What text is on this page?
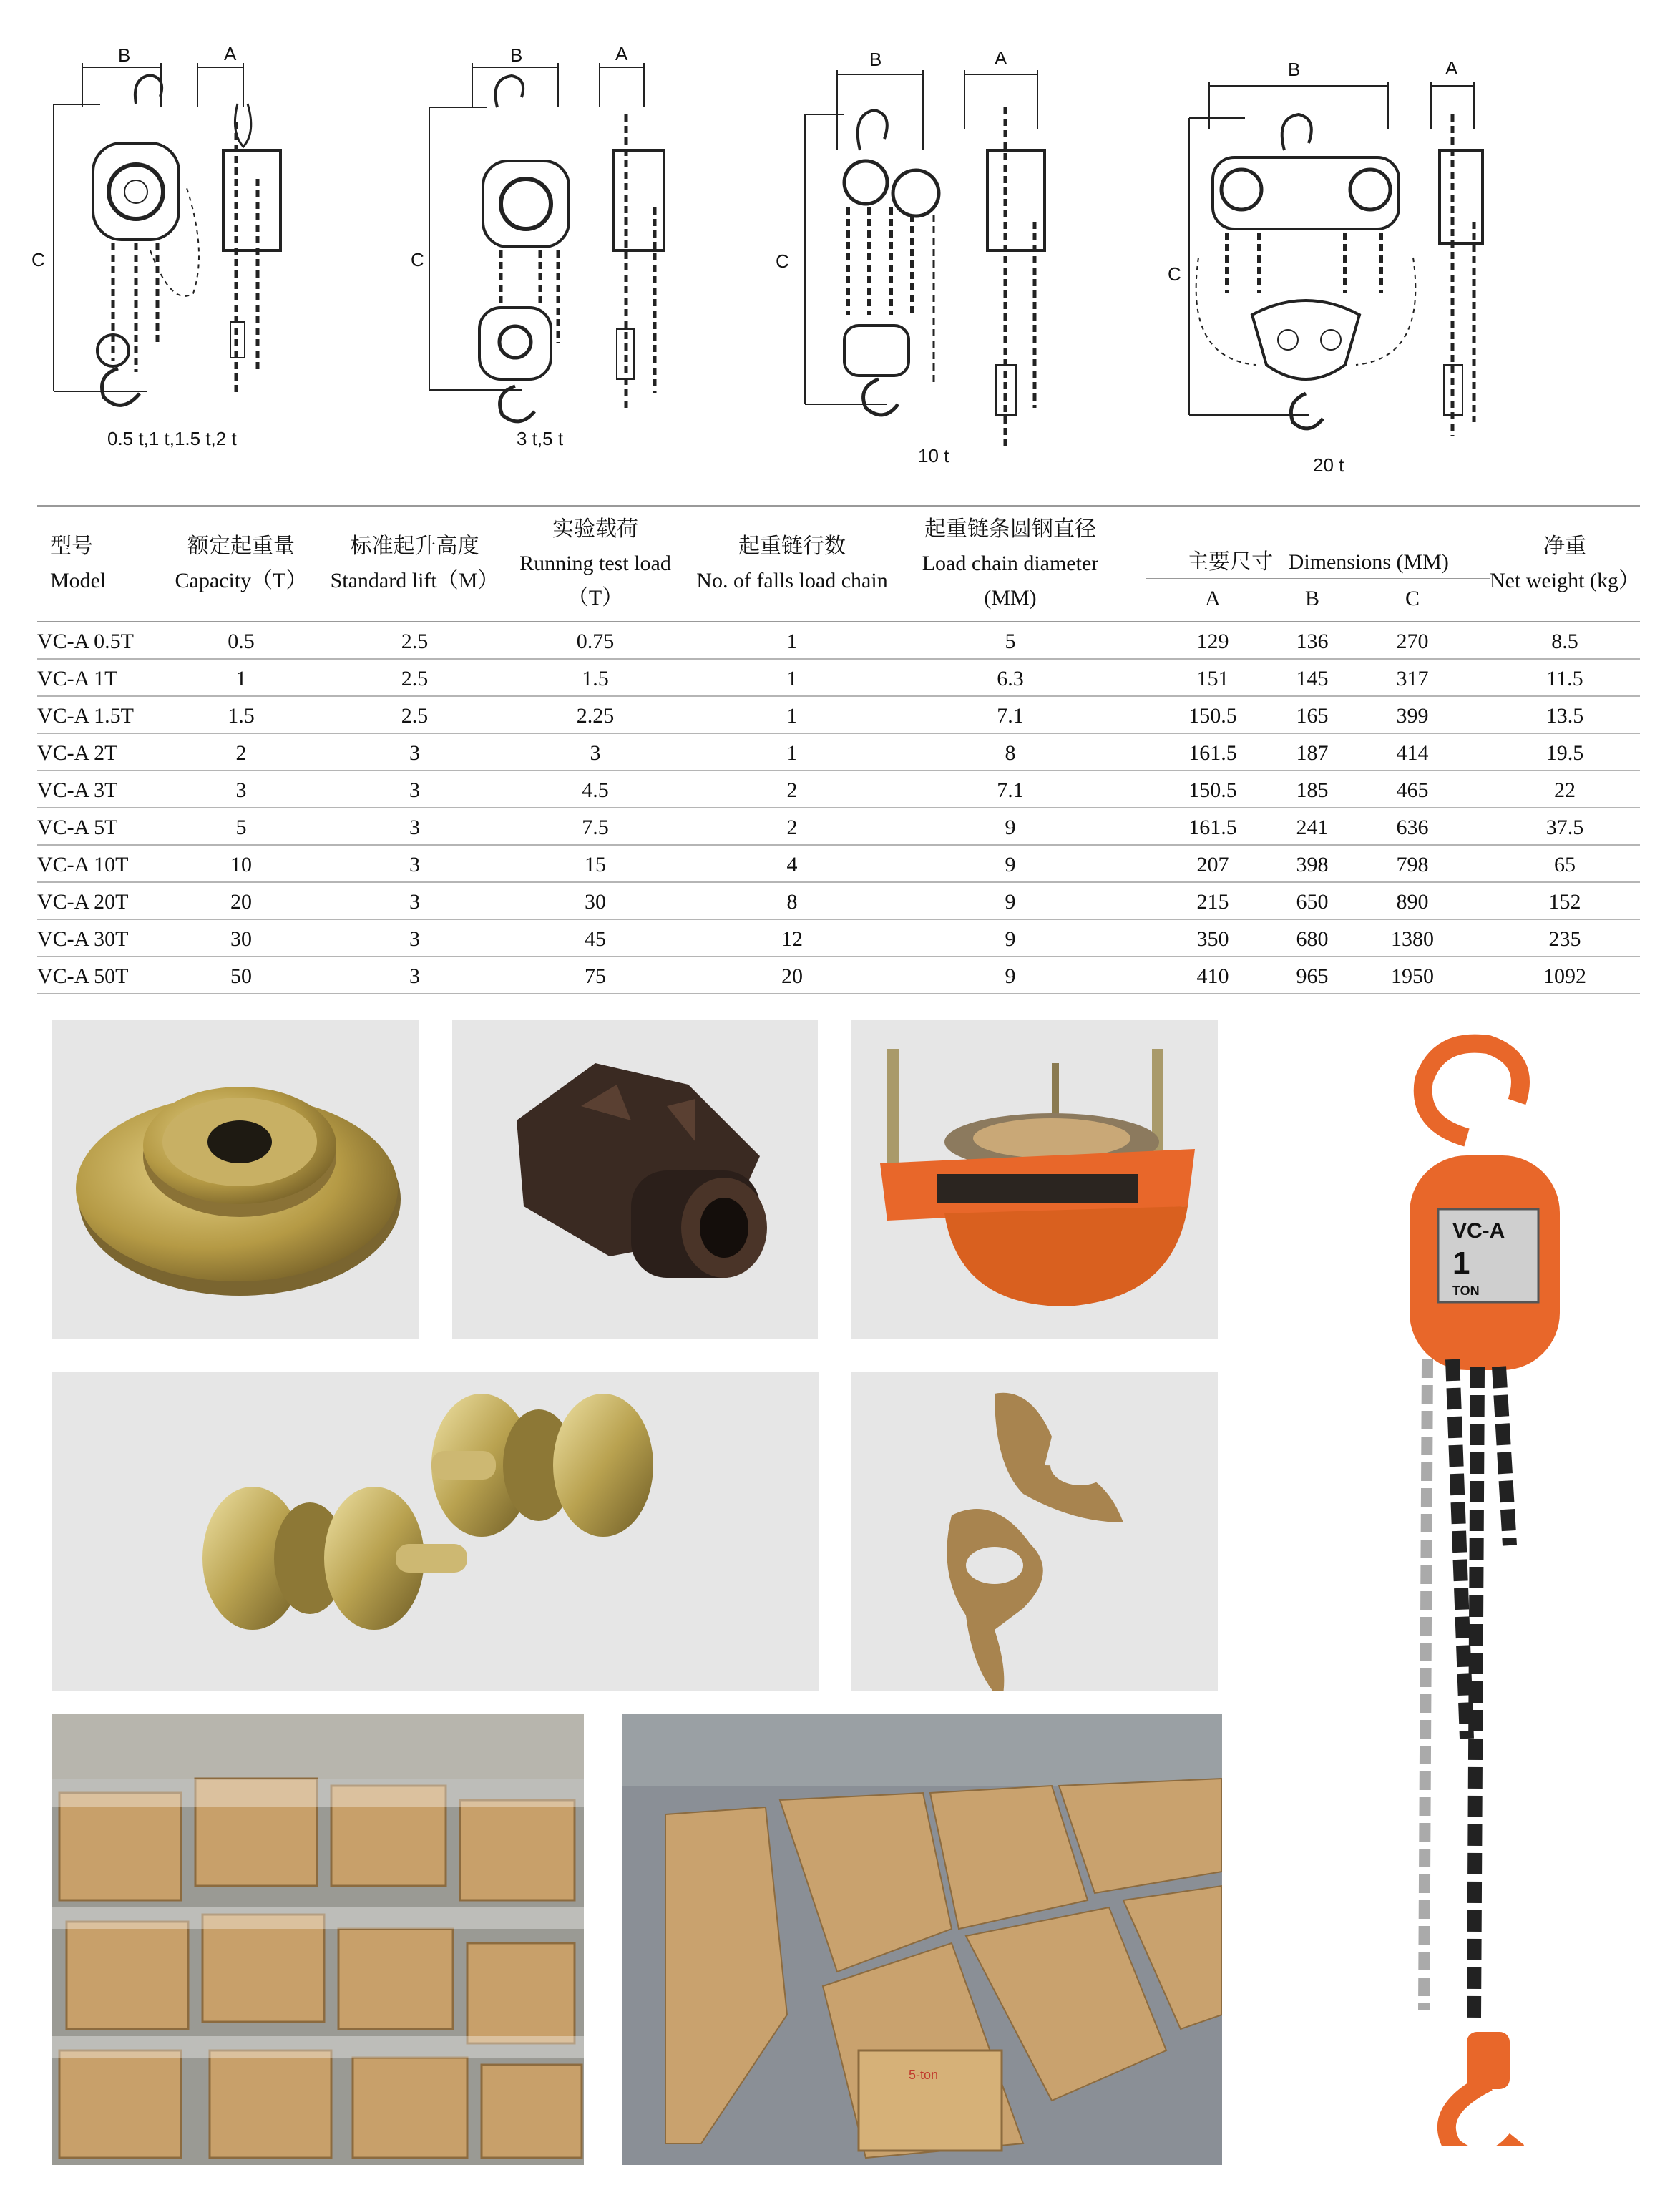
B	A
C
0.5 t,1 t,1.5 t,2 t
B	A
C
3 t,5 t
B	A
C
10 t
B	A
C
20 t
型号
Model
额定起重量
Capacity（T）
标准起升高度
Standard lift（M）
实验载荷
Running test load
（T）
起重链行数
No. of falls load chain
起重链条圆钢直径
Load chain diameter
(MM)
主要尺寸 Dimensions (MM)
A	B	C
净重
Net weight (kg）
VC-A 0.5T	0.5	2.5	0.75	1	5	129	136	270	8.5
VC-A 1T	1	2.5	1.5	1	6.3	151	145	317	11.5
VC-A 1.5T	1.5	2.5	2.25	1	7.1	150.5	165	399	13.5
VC-A 2T	2	3	3	1	8	161.5	187	414	19.5
VC-A 3T	3	3	4.5	2	7.1	150.5	185	465	22
VC-A 5T	5	3	7.5	2	9	161.5	241	636	37.5
VC-A 10T	10	3	15	4	9	207	398	798	65
VC-A 20T	20	3	30	8	9	215	650	890	152
VC-A 30T	30	3	45	12	9	350	680	1380	235
VC-A 50T	50	3	75	20	9	410	965	1950	1092
5-ton
VC-A
1
TON
